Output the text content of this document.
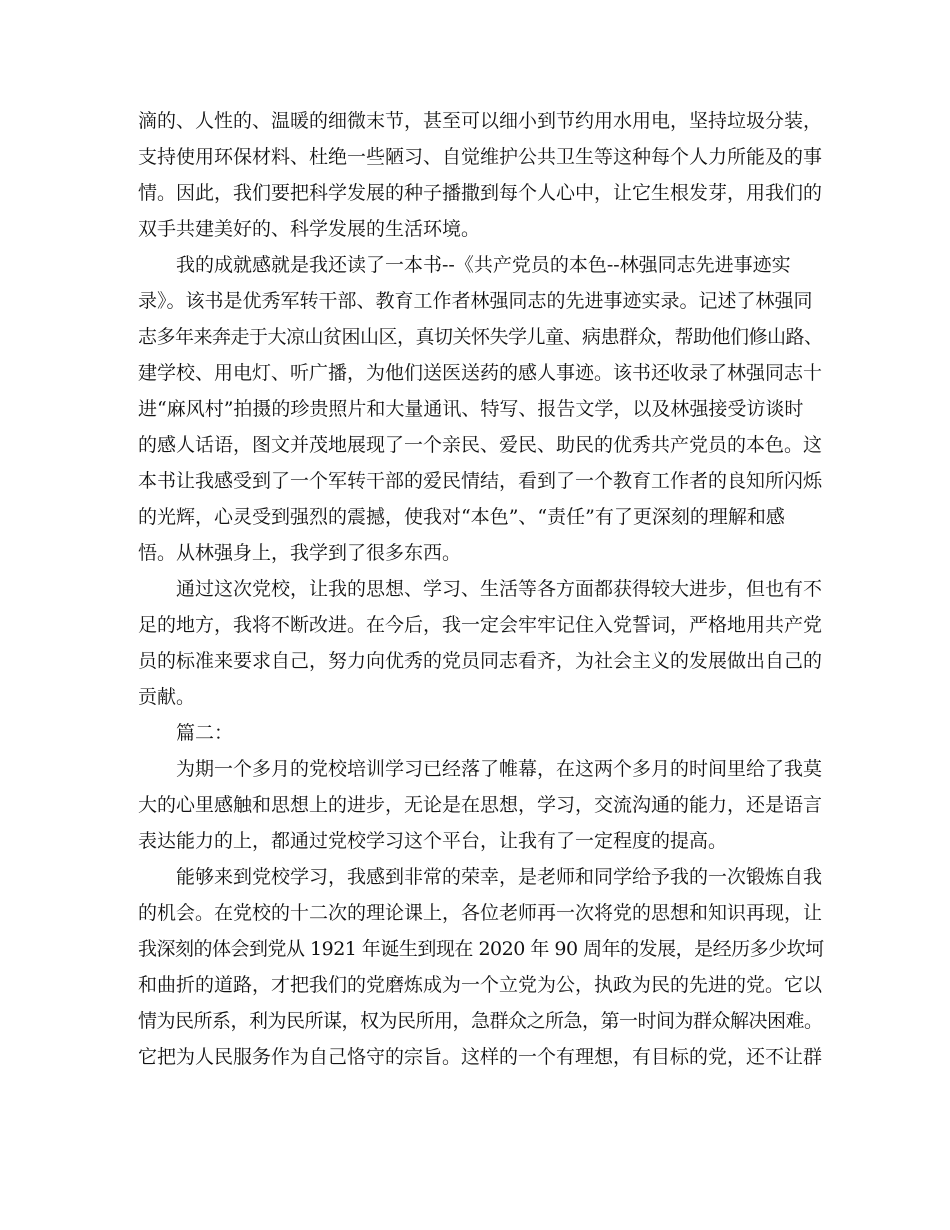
滴的、人性的、温暖的细微末节，甚至可以细小到节约用水用电，坚持垃圾分装，

支持使用环保材料、杜绝一些陋习、自觉维护公共卫生等这种每个人力所能及的事

情。因此，我们要把科学发展的种子播撒到每个人心中，让它生根发芽，用我们的

双手共建美好的、科学发展的生活环境。

我的成就感就是我还读了一本书--《共产党员的本色--林强同志先进事迹实

录》。该书是优秀军转干部、教育工作者林强同志的先进事迹实录。记述了林强同

志多年来奔走于大凉山贫困山区，真切关怀失学儿童、病患群众，帮助他们修山路、

建学校、用电灯、听广播，为他们送医送药的感人事迹。该书还收录了林强同志十

进“麻风村”拍摄的珍贵照片和大量通讯、特写、报告文学，以及林强接受访谈时

的感人话语，图文并茂地展现了一个亲民、爱民、助民的优秀共产党员的本色。这

本书让我感受到了一个军转干部的爱民情结，看到了一个教育工作者的良知所闪烁

的光辉，心灵受到强烈的震撼，使我对“本色”、“责任”有了更深刻的理解和感

悟。从林强身上，我学到了很多东西。

通过这次党校，让我的思想、学习、生活等各方面都获得较大进步，但也有不

足的地方，我将不断改进。在今后，我一定会牢牢记住入党誓词，严格地用共产党

员的标准来要求自己，努力向优秀的党员同志看齐，为社会主义的发展做出自己的

贡献。

篇二：

为期一个多月的党校培训学习已经落了帷幕，在这两个多月的时间里给了我莫

大的心里感触和思想上的进步，无论是在思想，学习，交流沟通的能力，还是语言

表达能力的上，都通过党校学习这个平台，让我有了一定程度的提高。

能够来到党校学习，我感到非常的荣幸，是老师和同学给予我的一次锻炼自我

的机会。在党校的十二次的理论课上，各位老师再一次将党的思想和知识再现，让

我深刻的体会到党从 1921 年诞生到现在 2020 年 90 周年的发展，是经历多少坎坷

和曲折的道路，才把我们的党磨炼成为一个立党为公，执政为民的先进的党。它以

情为民所系，利为民所谋，权为民所用，急群众之所急，第一时间为群众解决困难。

它把为人民服务作为自己恪守的宗旨。这样的一个有理想，有目标的党，还不让群
